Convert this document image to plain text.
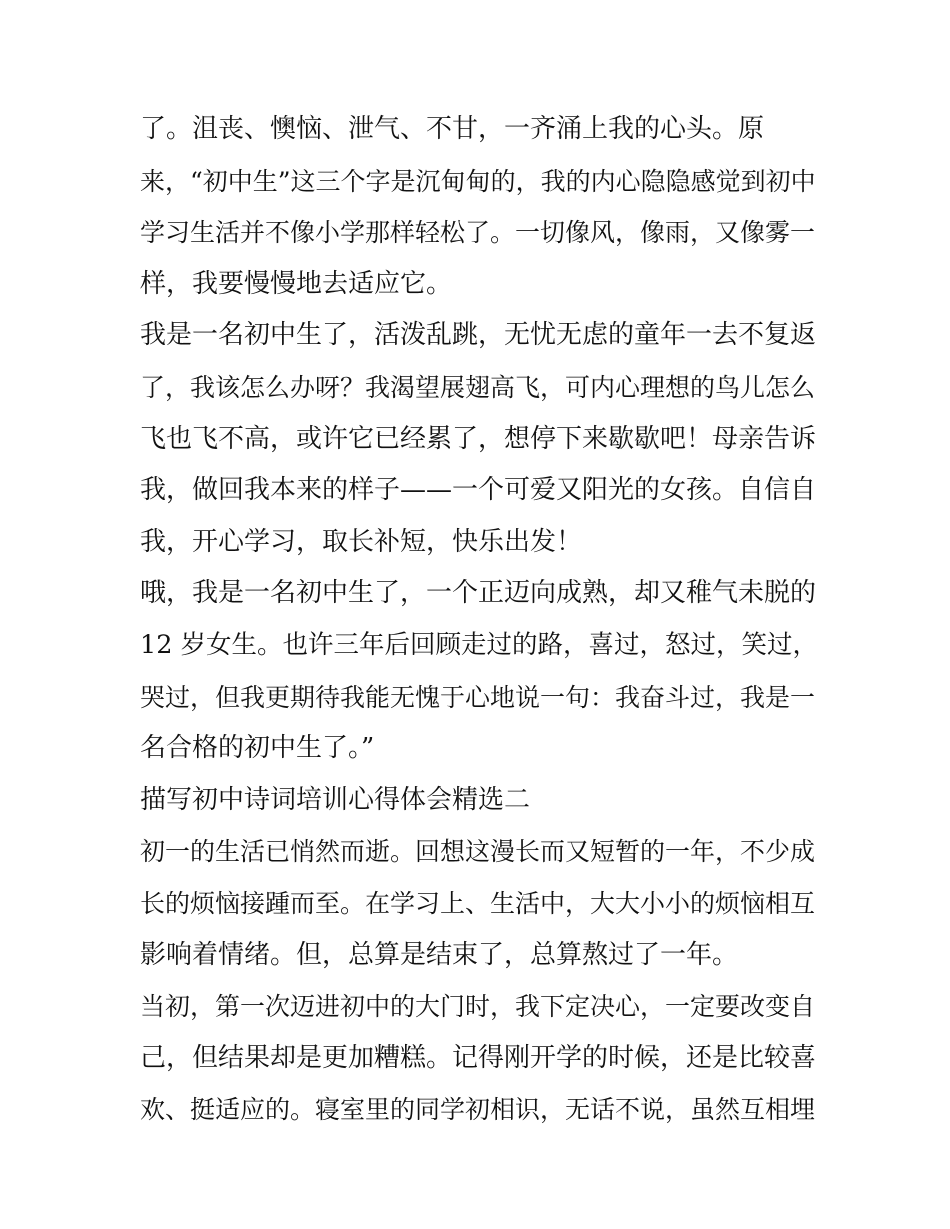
了。沮丧、懊恼、泄气、不甘，一齐涌上我的心头。原
来，“初中生”这三个字是沉甸甸的，我的内心隐隐感觉到初中
学习生活并不像小学那样轻松了。一切像风，像雨，又像雾一
样，我要慢慢地去适应它。
我是一名初中生了，活泼乱跳，无忧无虑的童年一去不复返
了，我该怎么办呀？我渴望展翅高飞，可内心理想的鸟儿怎么
飞也飞不高，或许它已经累了，想停下来歇歇吧！母亲告诉
我，做回我本来的样子——一个可爱又阳光的女孩。自信自
我，开心学习，取长补短，快乐出发！
哦，我是一名初中生了，一个正迈向成熟，却又稚气未脱的
12 岁女生。也许三年后回顾走过的路，喜过，怒过，笑过，
哭过，但我更期待我能无愧于心地说一句：我奋斗过，我是一
名合格的初中生了。”
描写初中诗词培训心得体会精选二
初一的生活已悄然而逝。回想这漫长而又短暂的一年，不少成
长的烦恼接踵而至。在学习上、生活中，大大小小的烦恼相互
影响着情绪。但，总算是结束了，总算熬过了一年。
当初，第一次迈进初中的大门时，我下定决心，一定要改变自
己，但结果却是更加糟糕。记得刚开学的时候，还是比较喜
欢、挺适应的。寝室里的同学初相识，无话不说，虽然互相埋
